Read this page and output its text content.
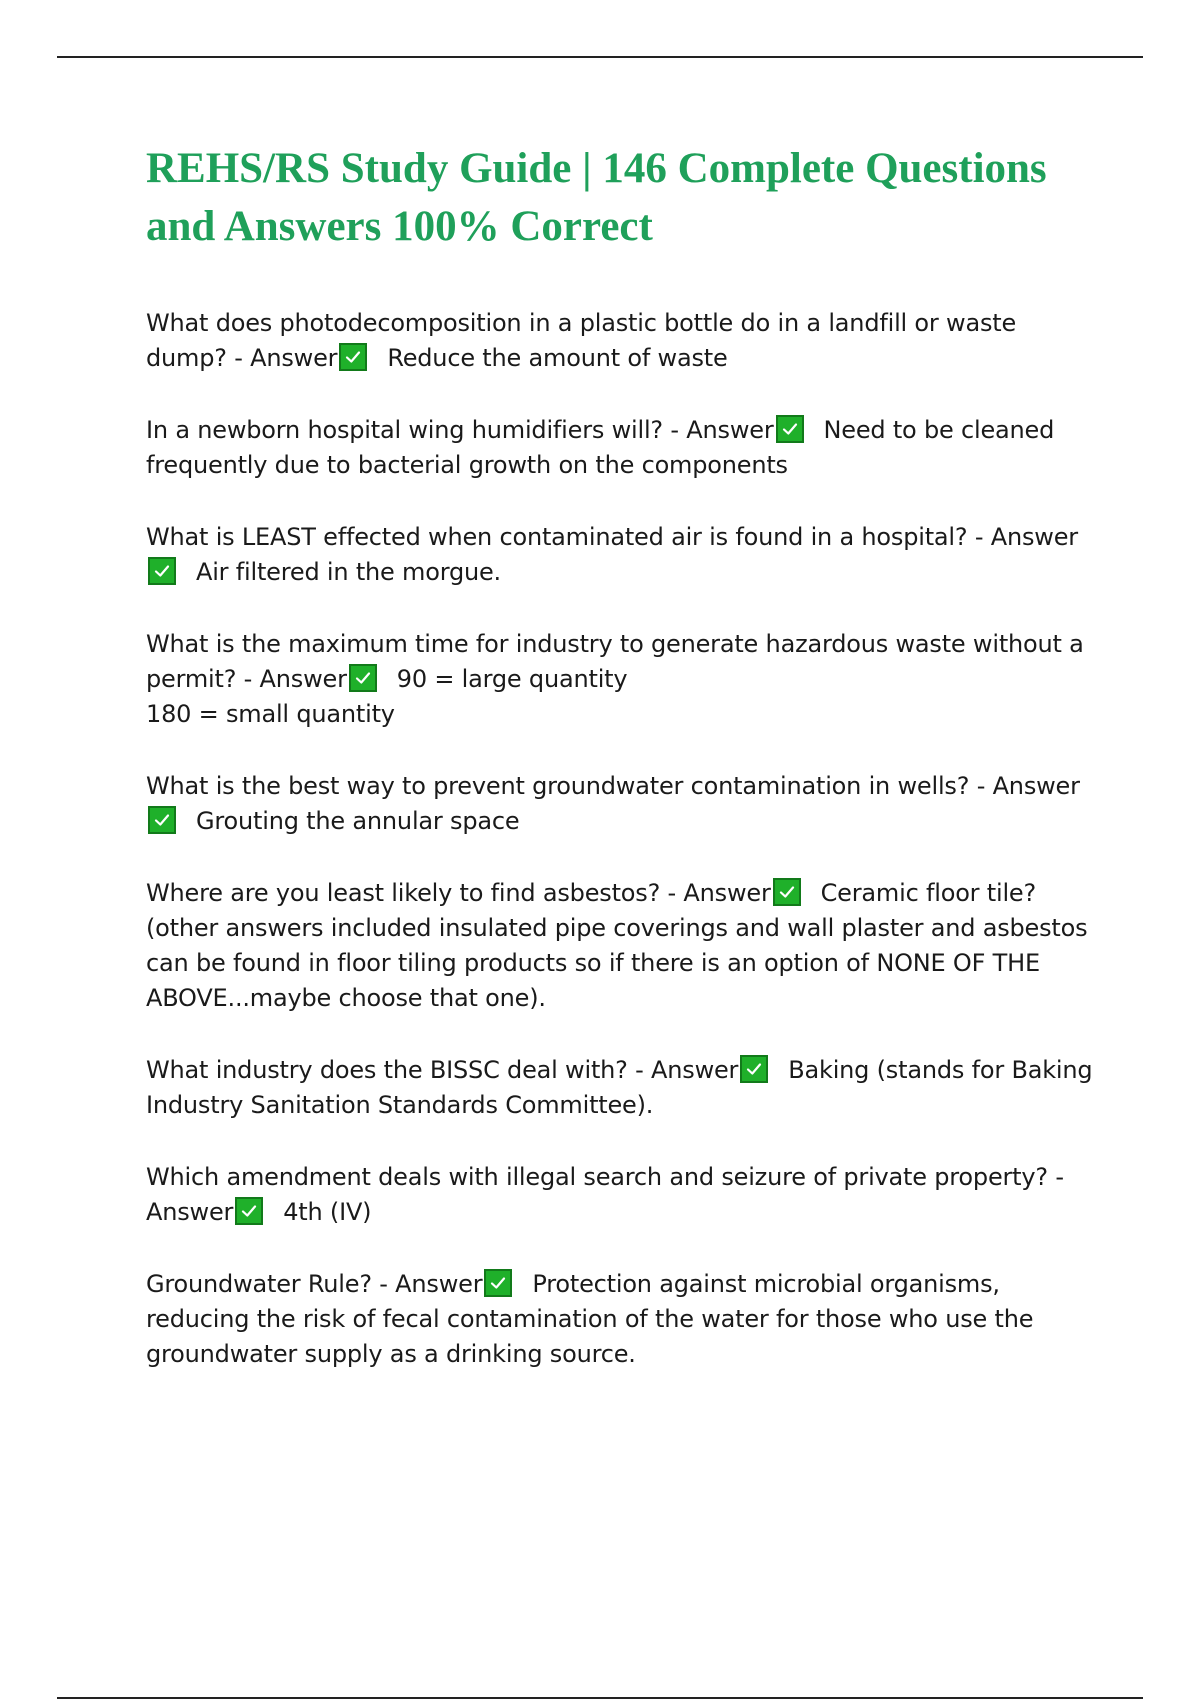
REHS/RS Study Guide | 146 Complete Questions and Answers 100% Correct

What does photodecomposition in a plastic bottle do in a landfill or waste dump? - Answer Reduce the amount of waste

In a newborn hospital wing humidifiers will? - Answer Need to be cleaned frequently due to bacterial growth on the components

What is LEAST effected when contaminated air is found in a hospital? - Answer
Air filtered in the morgue.

What is the maximum time for industry to generate hazardous waste without a permit? - Answer 90 = large quantity
180 = small quantity

What is the best way to prevent groundwater contamination in wells? - Answer
Grouting the annular space

Where are you least likely to find asbestos? - Answer Ceramic floor tile? (other answers included insulated pipe coverings and wall plaster and asbestos can be found in floor tiling products so if there is an option of NONE OF THE ABOVE...maybe choose that one).

What industry does the BISSC deal with? - Answer Baking (stands for Baking Industry Sanitation Standards Committee).

Which amendment deals with illegal search and seizure of private property? - Answer 4th (IV)

Groundwater Rule? - Answer Protection against microbial organisms, reducing the risk of fecal contamination of the water for those who use the groundwater supply as a drinking source.
